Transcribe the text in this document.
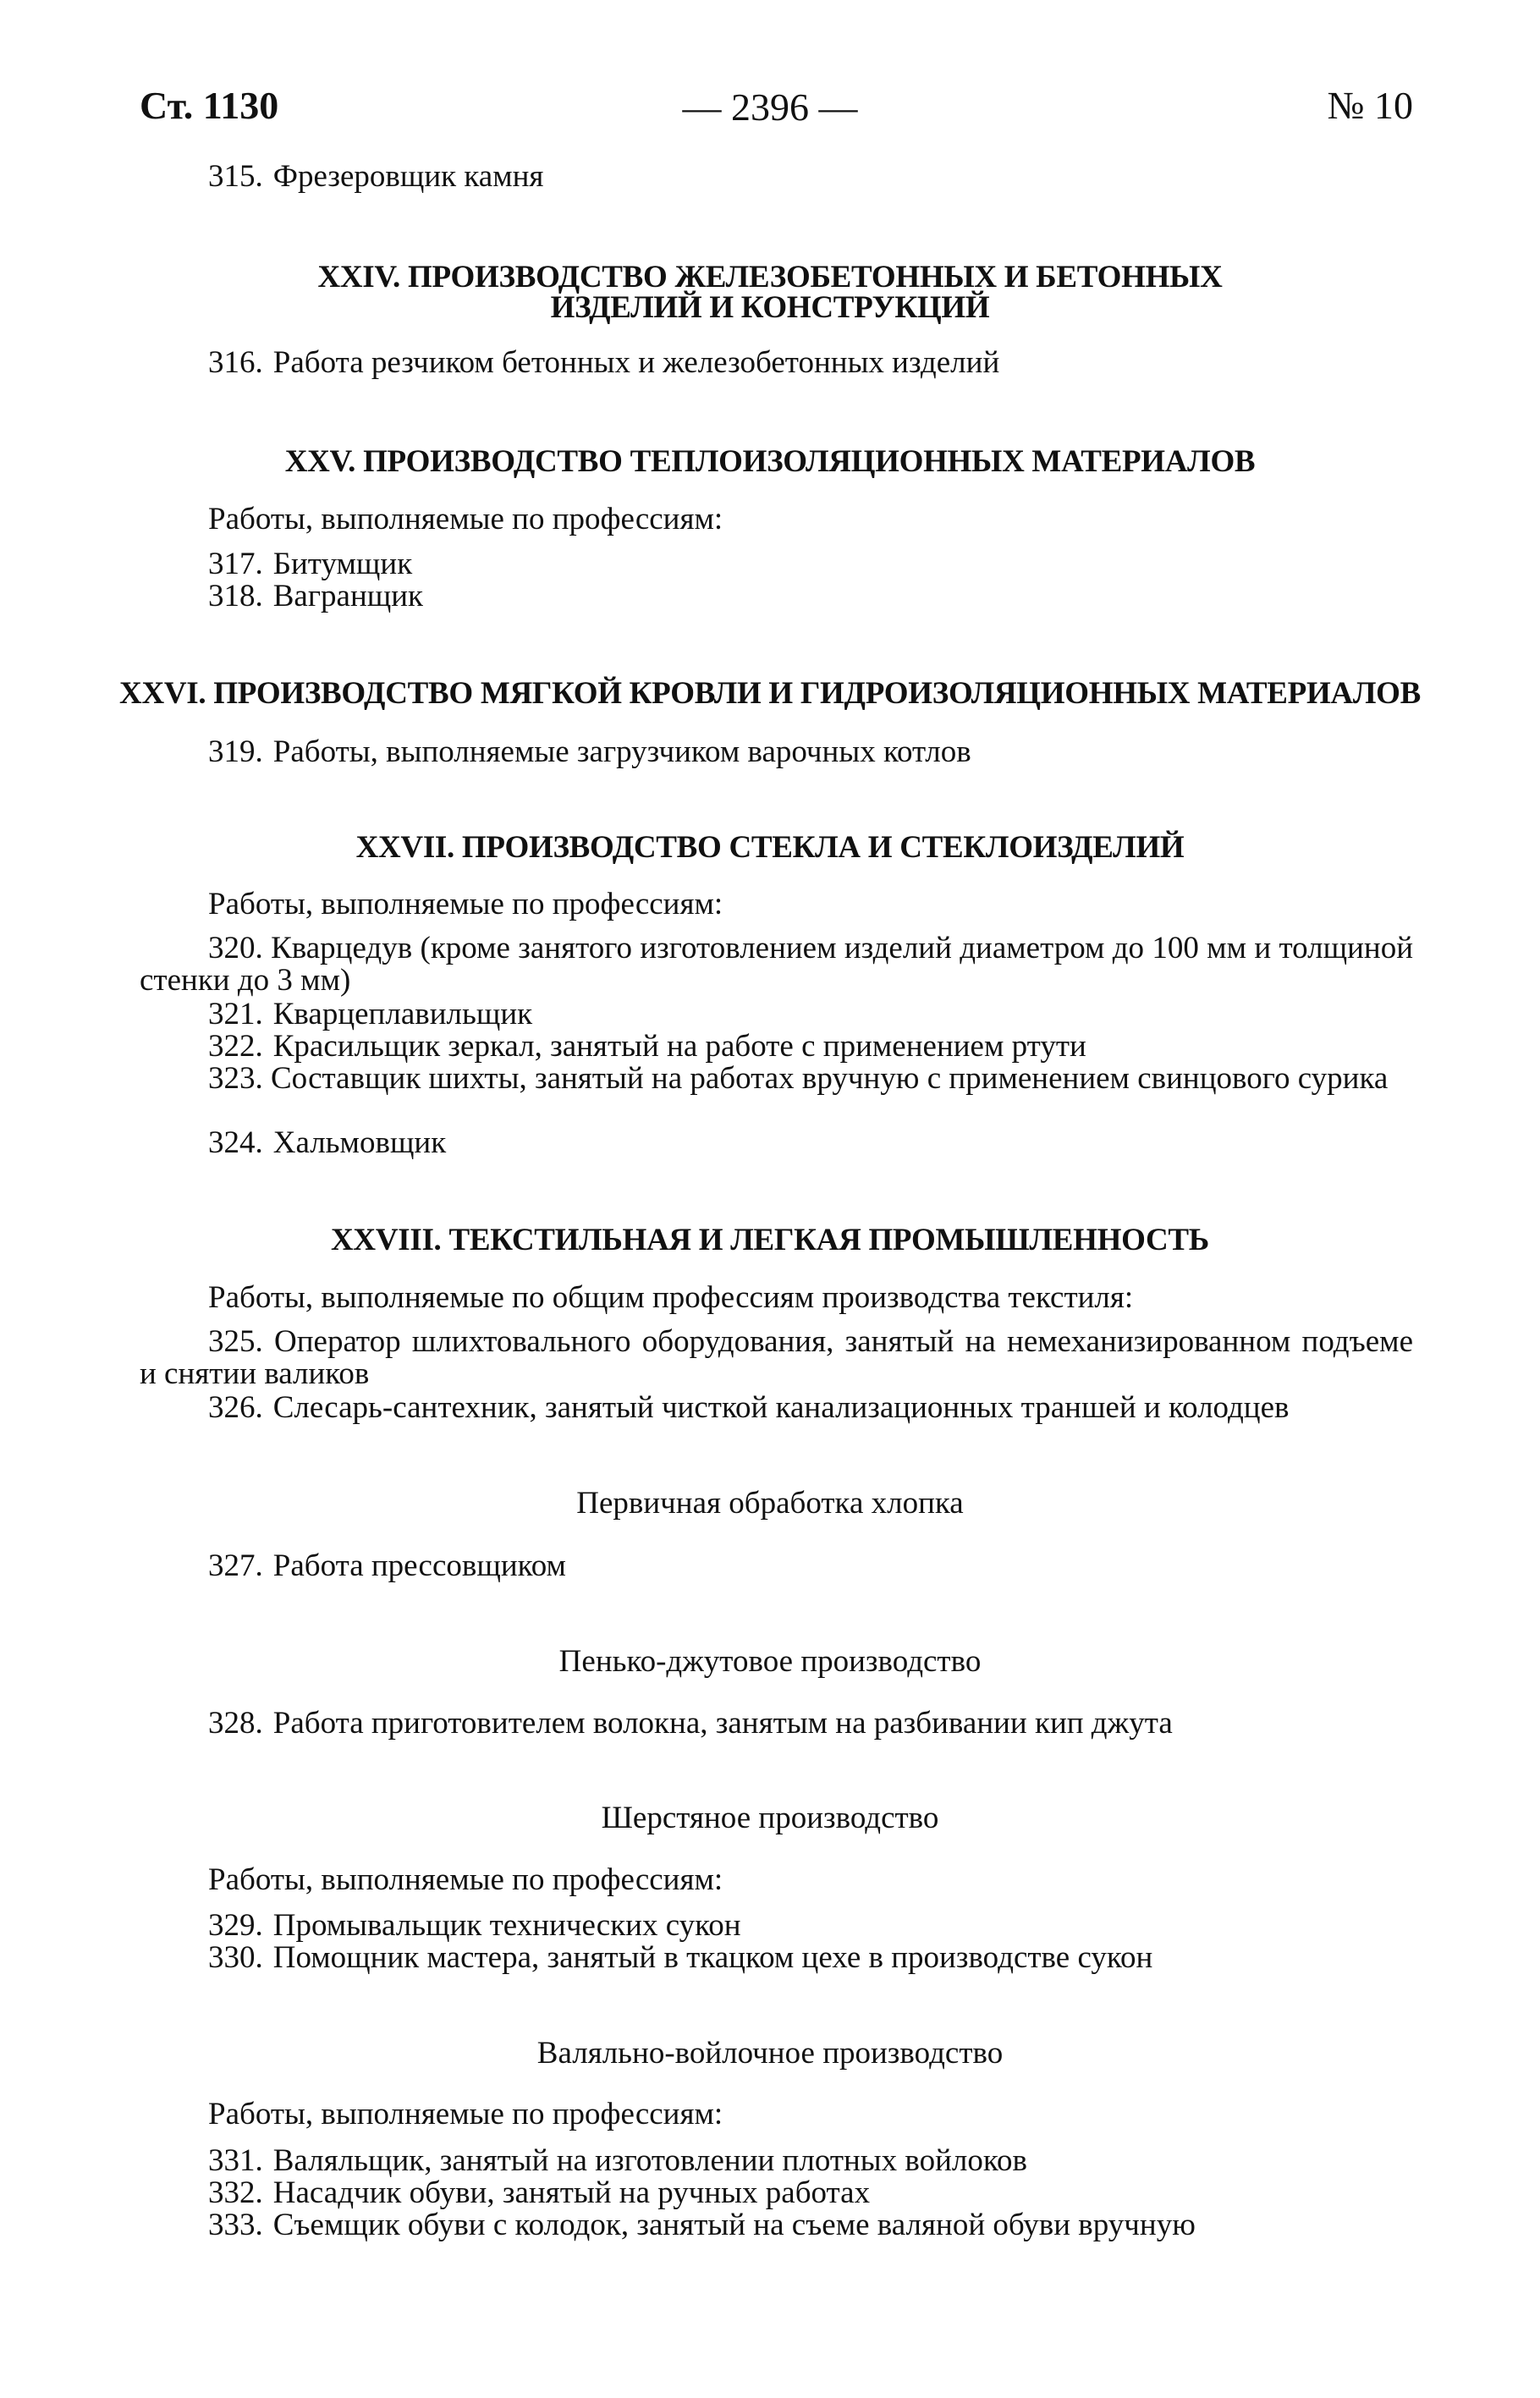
Ст. 1130	— 2396 —	№ 10
315. Фрезеровщик камня
XXIV. ПРОИЗВОДСТВО ЖЕЛЕЗОБЕТОННЫХ И БЕТОННЫХ
ИЗДЕЛИЙ И КОНСТРУКЦИЙ
316. Работа резчиком бетонных и железобетонных изделий
XXV. ПРОИЗВОДСТВО ТЕПЛОИЗОЛЯЦИОННЫХ МАТЕРИАЛОВ
Работы, выполняемые по профессиям:
317. Битумщик
318. Вагранщик
XXVI. ПРОИЗВОДСТВО МЯГКОЙ КРОВЛИ И ГИДРОИЗОЛЯЦИОННЫХ МАТЕРИАЛОВ
319. Работы, выполняемые загрузчиком варочных котлов
XXVII. ПРОИЗВОДСТВО СТЕКЛА И СТЕКЛОИЗДЕЛИЙ
Работы, выполняемые по профессиям:
320. Кварцедув (кроме занятого изготовлением изделий диаметром до 100 мм и толщиной стенки до 3 мм)
321. Кварцеплавильщик
322. Красильщик зеркал, занятый на работе с применением ртути
323. Составщик шихты, занятый на работах вручную с применением свинцового сурика
324. Хальмовщик
XXVIII. ТЕКСТИЛЬНАЯ И ЛЕГКАЯ ПРОМЫШЛЕННОСТЬ
Работы, выполняемые по общим профессиям производства текстиля:
325. Оператор шлихтовального оборудования, занятый на немеханизированном подъеме и снятии валиков
326. Слесарь-сантехник, занятый чисткой канализационных траншей и колодцев
Первичная обработка хлопка
327. Работа прессовщиком
Пенько-джутовое производство
328. Работа приготовителем волокна, занятым на разбивании кип джута
Шерстяное производство
Работы, выполняемые по профессиям:
329. Промывальщик технических сукон
330. Помощник мастера, занятый в ткацком цехе в производстве сукон
Валяльно-войлочное производство
Работы, выполняемые по профессиям:
331. Валяльщик, занятый на изготовлении плотных войлоков
332. Насадчик обуви, занятый на ручных работах
333. Съемщик обуви с колодок, занятый на съеме валяной обуви вручную
